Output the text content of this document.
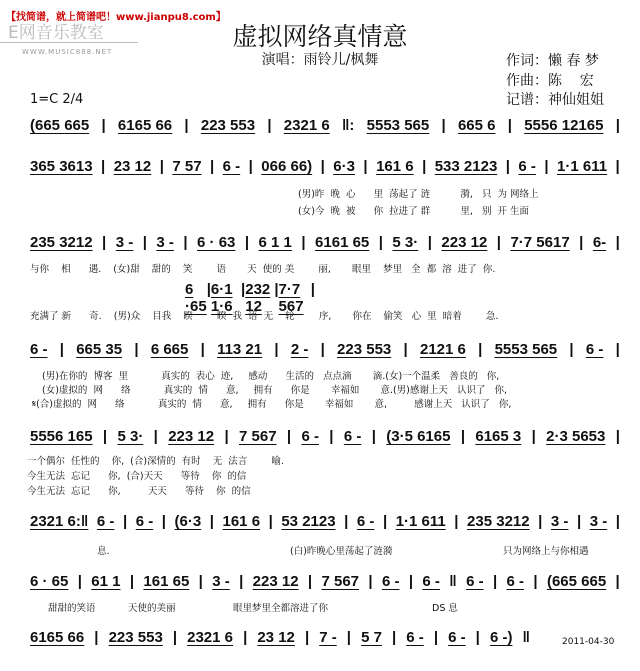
【找简谱，就上简谱吧！www.jianpu8.com】
E网音乐教室
WWW.MUSIC888.NET
虚拟网络真情意
演唱：雨铃儿/枫舞	作词：懒 春 梦
作曲：陈    宏
记谱：神仙姐姐
1=C 2/4
(665 665 | 6165 66 | 223 553 | 2321 6 ‖: 5553 565 | 665 6 | 5556 12165 |
365 3613 | 23 12 | 7 57 | 6 - | 066 66) | 6·3 | 161 6 | 533 2123 | 6 - | 1·1 611 |
(男)昨  晚  心      里  荡起了 涟          漪,   只  为 网络上
(女)今  晚  被      你  拉进了 群          里,   别  开 生面
235 3212 | 3 - | 3 - | 6 · 63 | 6 1 1 | 6161 65 | 5 3· | 223 12 | 7·7 5617 | 6- |
与你    相      遇.    (女)甜    甜的    笑        语       天  使的 美        丽,       眼里    梦里   全  都  溶  进了  你.
6 ·65
| 6·1 1·6
| 232 12
| 7·7 567
|
充满了 新      奇.    (男)众    目我    睽        睽  我  语  无    轮        序,       你在    偷笑   心  里  暗着        急.
6 - | 665 35 | 6 665 | 113 21 | 2 - | 223 553 | 2121 6 | 5553 565 | 6 - |
(男)在你的  博客  里           真实的  表心  迹,     感动      生活的   点点滴       滴.(女)一个温柔   善良的   你,
(女)虚拟的  网      络           真实的  情      意,     拥有      你是       幸福如       意.(男)感谢上天   认识了   你,
𝄋(合)虚拟的  网      络           真实的  情      意,     拥有      你是       幸福如       意,         感谢上天   认识了   你,
5556 165 | 5 3· | 223 12 | 7 567 | 6 - | 6 - | (3·5 6165 | 6165 3 | 2·3 5653 |
一个偶尔  任性的    你,  (合)深情的  有时    无  法言        喻.
今生无法  忘记      你,  (合)天天      等待    你  的信
今生无法  忘记      你,         天天      等待    你  的信
2321 6:‖ 6 - | 6 - | (6·3 | 161 6 | 53 2123 | 6 - | 1·1 611 | 235 3212 | 3 - | 3 - |
息.	(白)昨晚心里荡起了涟漪	只为网络上与你相遇
6 · 65 | 61 1 | 161 65 | 3 - | 223 12 | 7 567 | 6 - | 6 - ‖ 6 - | 6 - | (665 665 |
甜甜的笑语	天使的美丽	眼里梦里全都溶进了你	DS 息
6165 66 | 223 553 | 2321 6 | 23 12 | 7 - | 5 7 | 6 - | 6 - | 6 -) ‖	2011-04-30
